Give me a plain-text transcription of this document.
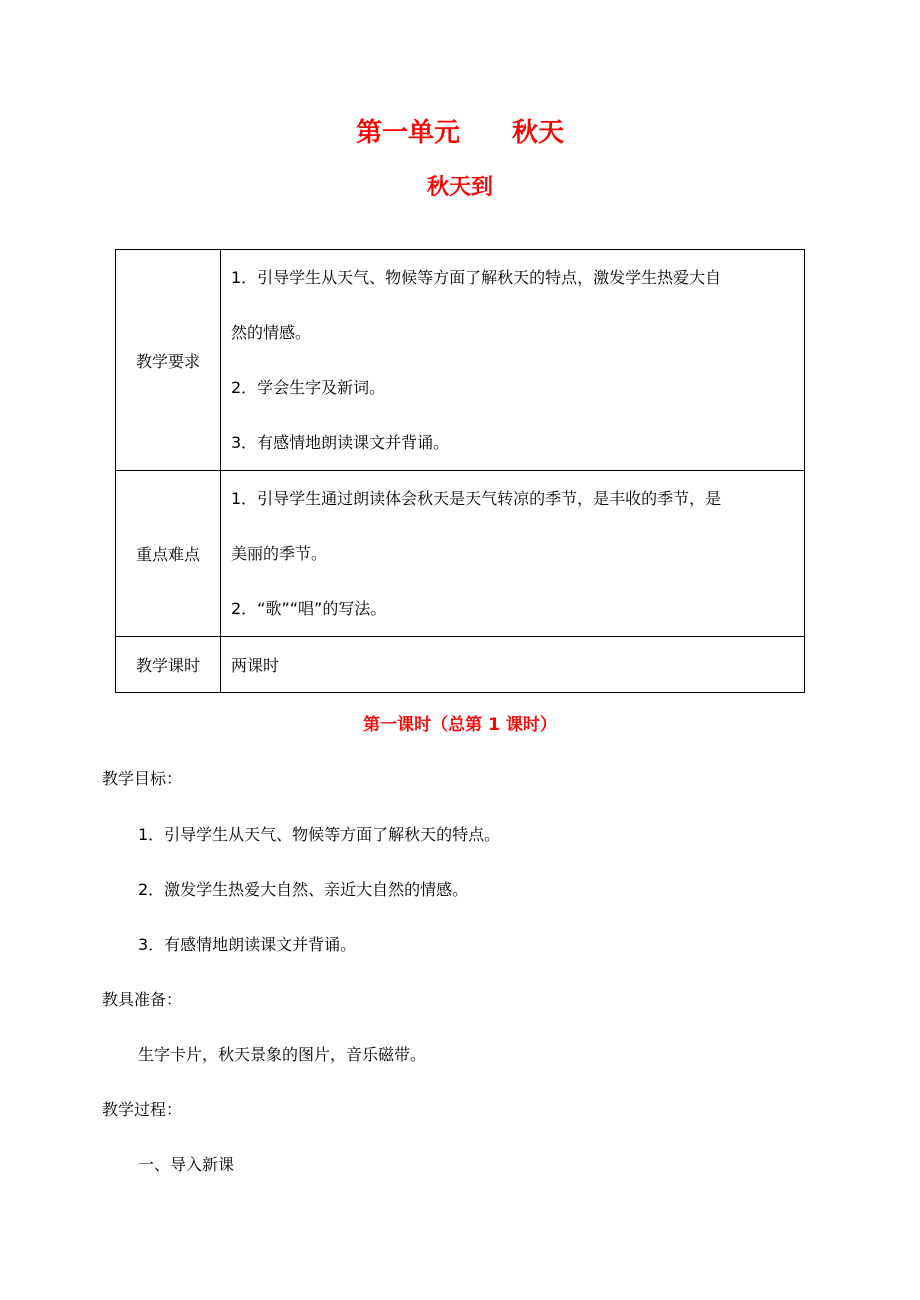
第一单元　　秋天
秋天到
教学要求	1．引导学生从天气、物候等方面了解秋天的特点，激发学生热爱大自
然的情感。
2．学会生字及新词。
3．有感情地朗读课文并背诵。

重点难点	1．引导学生通过朗读体会秋天是天气转凉的季节，是丰收的季节，是
美丽的季节。
2．“歌”“唱”的写法。

教学课时	两课时
第一课时（总第 1 课时）
教学目标：
1．引导学生从天气、物候等方面了解秋天的特点。
2．激发学生热爱大自然、亲近大自然的情感。
3．有感情地朗读课文并背诵。
教具准备：
生字卡片，秋天景象的图片，音乐磁带。
教学过程：
一、导入新课
